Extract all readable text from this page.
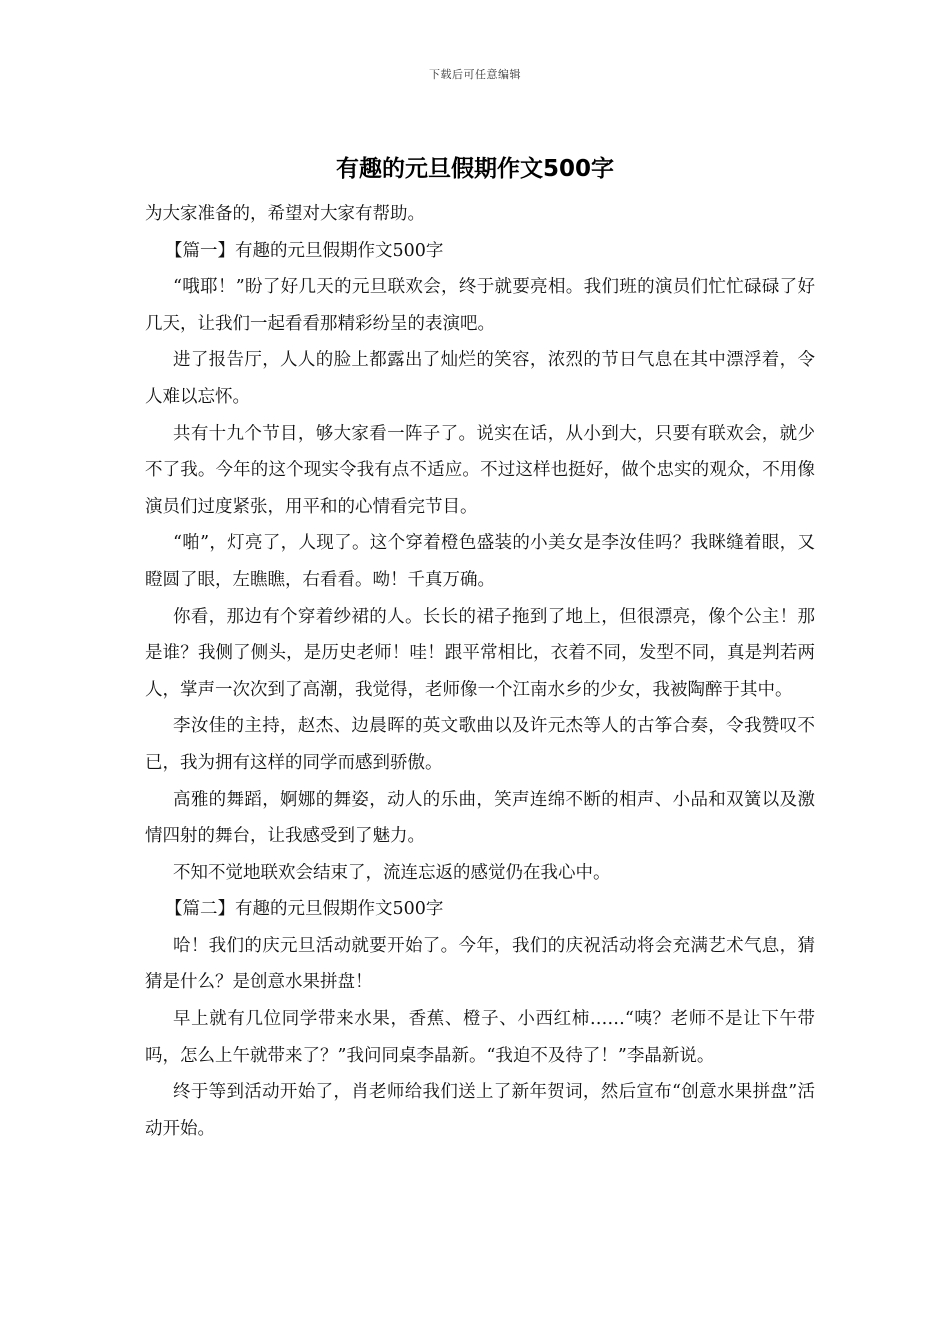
下载后可任意编辑
有趣的元旦假期作文500字

为大家准备的，希望对大家有帮助。

【篇一】有趣的元旦假期作文500字

“哦耶！”盼了好几天的元旦联欢会，终于就要亮相。我们班的演员们忙忙碌碌了好几天，让我们一起看看那精彩纷呈的表演吧。

进了报告厅，人人的脸上都露出了灿烂的笑容，浓烈的节日气息在其中漂浮着，令人难以忘怀。

共有十九个节目，够大家看一阵子了。说实在话，从小到大，只要有联欢会，就少不了我。今年的这个现实令我有点不适应。不过这样也挺好，做个忠实的观众，不用像演员们过度紧张，用平和的心情看完节目。

“啪”，灯亮了，人现了。这个穿着橙色盛装的小美女是李汝佳吗？我眯缝着眼，又瞪圆了眼，左瞧瞧，右看看。呦！千真万确。

你看，那边有个穿着纱裙的人。长长的裙子拖到了地上，但很漂亮，像个公主！那是谁？我侧了侧头，是历史老师！哇！跟平常相比，衣着不同，发型不同，真是判若两人，掌声一次次到了高潮，我觉得，老师像一个江南水乡的少女，我被陶醉于其中。

李汝佳的主持，赵杰、边晨晖的英文歌曲以及许元杰等人的古筝合奏，令我赞叹不已，我为拥有这样的同学而感到骄傲。

高雅的舞蹈，婀娜的舞姿，动人的乐曲，笑声连绵不断的相声、小品和双簧以及激情四射的舞台，让我感受到了魅力。

不知不觉地联欢会结束了，流连忘返的感觉仍在我心中。

【篇二】有趣的元旦假期作文500字

哈！我们的庆元旦活动就要开始了。今年，我们的庆祝活动将会充满艺术气息，猜猜是什么？是创意水果拼盘！

早上就有几位同学带来水果，香蕉、橙子、小西红柿……“咦？老师不是让下午带吗，怎么上午就带来了？”我问同桌李晶新。“我迫不及待了！”李晶新说。

终于等到活动开始了，肖老师给我们送上了新年贺词，然后宣布“创意水果拼盘”活动开始。
